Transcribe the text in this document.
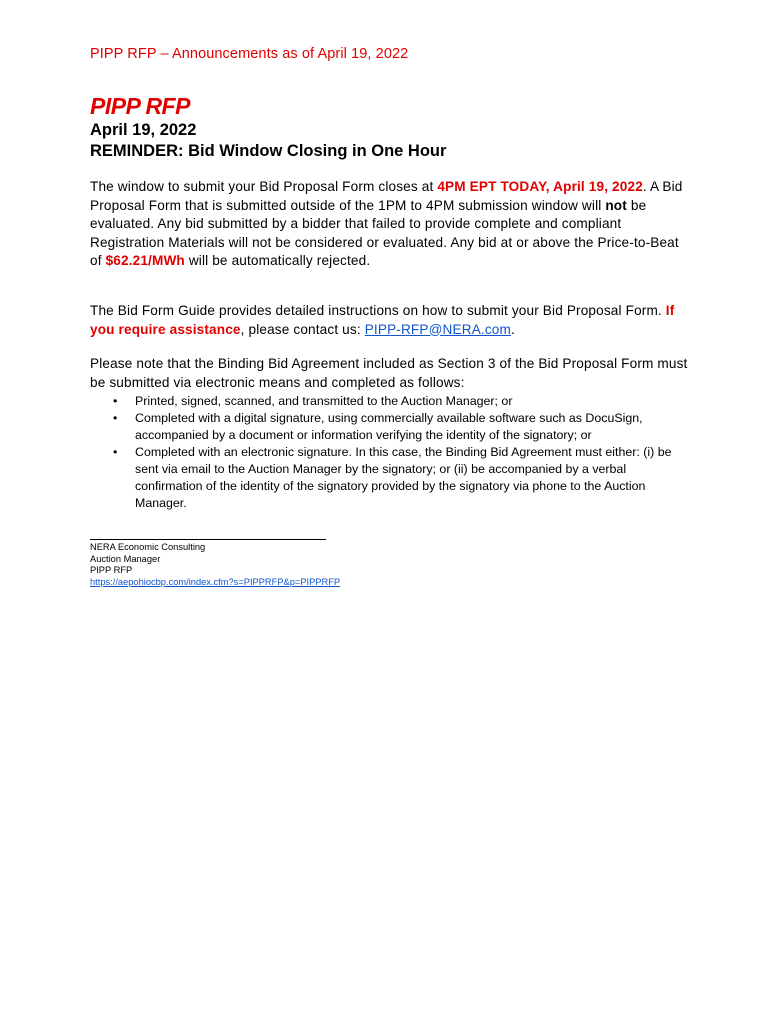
PIPP RFP – Announcements as of April 19, 2022
PIPP RFP
April 19, 2022
REMINDER: Bid Window Closing in One Hour
The window to submit your Bid Proposal Form closes at 4PM EPT TODAY, April 19, 2022. A Bid Proposal Form that is submitted outside of the 1PM to 4PM submission window will not be evaluated. Any bid submitted by a bidder that failed to provide complete and compliant Registration Materials will not be considered or evaluated. Any bid at or above the Price-to-Beat of $62.21/MWh will be automatically rejected.
The Bid Form Guide provides detailed instructions on how to submit your Bid Proposal Form. If you require assistance, please contact us: PIPP-RFP@NERA.com.
Please note that the Binding Bid Agreement included as Section 3 of the Bid Proposal Form must be submitted via electronic means and completed as follows:
• Printed, signed, scanned, and transmitted to the Auction Manager; or
• Completed with a digital signature, using commercially available software such as DocuSign, accompanied by a document or information verifying the identity of the signatory; or
• Completed with an electronic signature. In this case, the Binding Bid Agreement must either: (i) be sent via email to the Auction Manager by the signatory; or (ii) be accompanied by a verbal confirmation of the identity of the signatory provided by the signatory via phone to the Auction Manager.
NERA Economic Consulting
Auction Manager
PIPP RFP
https://aepohiocbp.com/index.cfm?s=PIPPRFP&p=PIPPRFP
